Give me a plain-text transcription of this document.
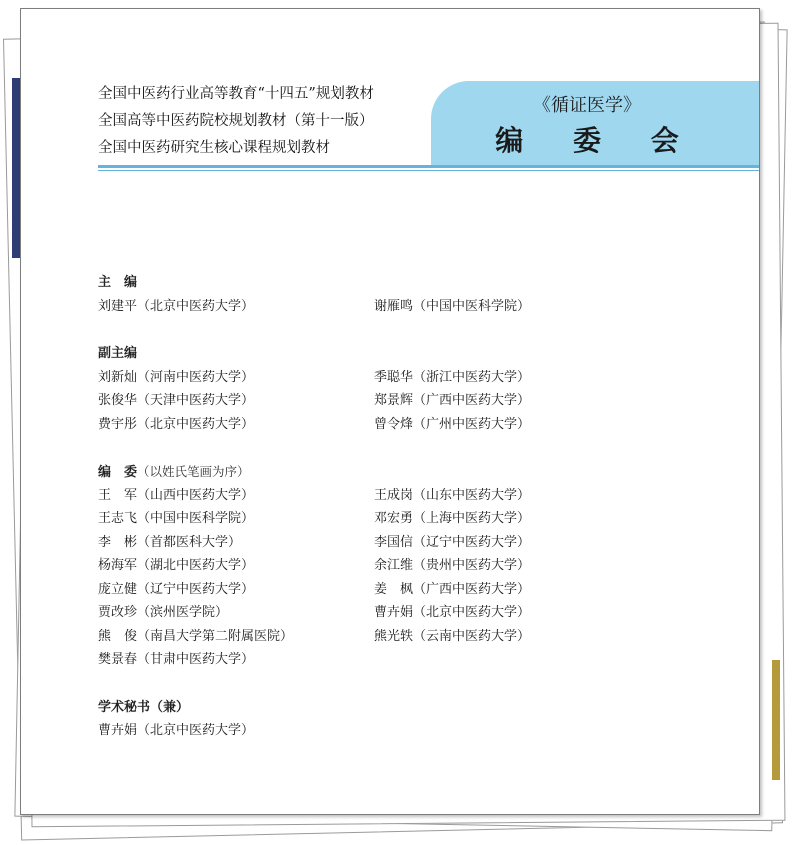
全国中医药行业高等教育“十四五”规划教材
全国高等中医药院校规划教材（第十一版）
全国中医药研究生核心课程规划教材
《循证医学》
编 委 会
主　编
刘建平（北京中医药大学）	谢雁鸣（中国中医科学院）
副主编
刘新灿（河南中医药大学）	季聪华（浙江中医药大学）
张俊华（天津中医药大学）	郑景辉（广西中医药大学）
费宇彤（北京中医药大学）	曾令烽（广州中医药大学）
编　委（以姓氏笔画为序）
王　军（山西中医药大学）	王成岗（山东中医药大学）
王志飞（中国中医科学院）	邓宏勇（上海中医药大学）
李　彬（首都医科大学）	李国信（辽宁中医药大学）
杨海军（湖北中医药大学）	余江维（贵州中医药大学）
庞立健（辽宁中医药大学）	姜　枫（广西中医药大学）
贾改珍（滨州医学院）	曹卉娟（北京中医药大学）
熊　俊（南昌大学第二附属医院）	熊光轶（云南中医药大学）
樊景春（甘肃中医药大学）
学术秘书（兼）
曹卉娟（北京中医药大学）
